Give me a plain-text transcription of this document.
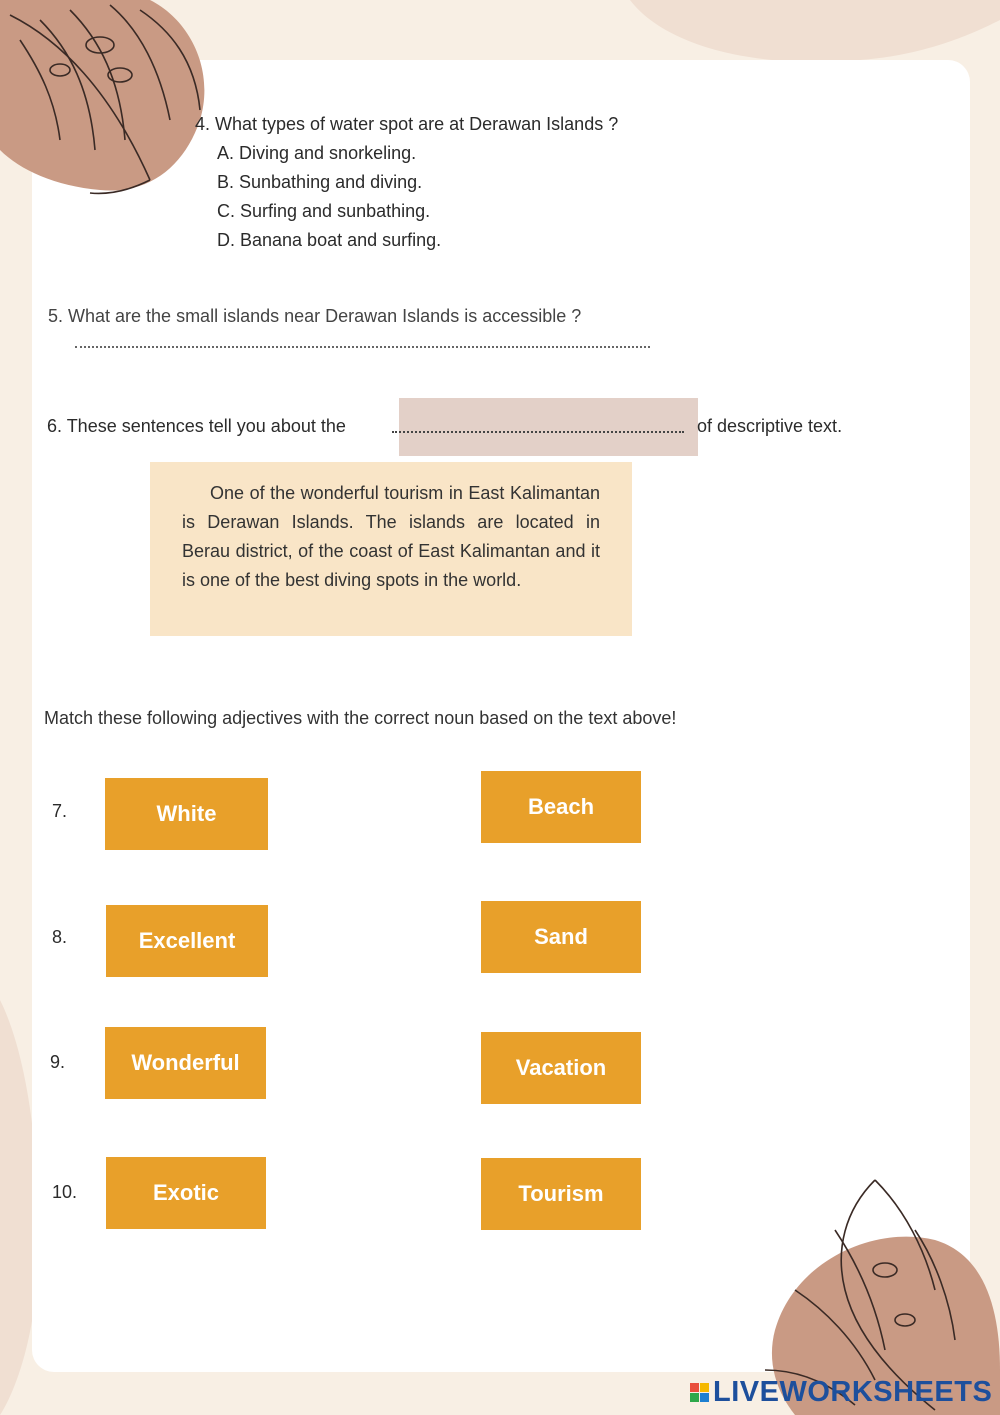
4. What types of water spot are at Derawan Islands ?
A. Diving and snorkeling.
B. Sunbathing and diving.
C. Surfing and sunbathing.
D. Banana boat and surfing.
5. What are the small islands near Derawan Islands is accessible ?
6. These sentences tell you about the	of descriptive text.

One of the wonderful tourism in East Kalimantan is Derawan Islands. The islands are located in Berau district, of the coast of East Kalimantan and it is one of the best diving spots in the world.

Match these following adjectives with the correct noun based on the text above!
7.
8.
9.
10.
White
Excellent
Wonderful
Exotic
Beach
Sand
Vacation
Tourism
LIVEWORKSHEETS
